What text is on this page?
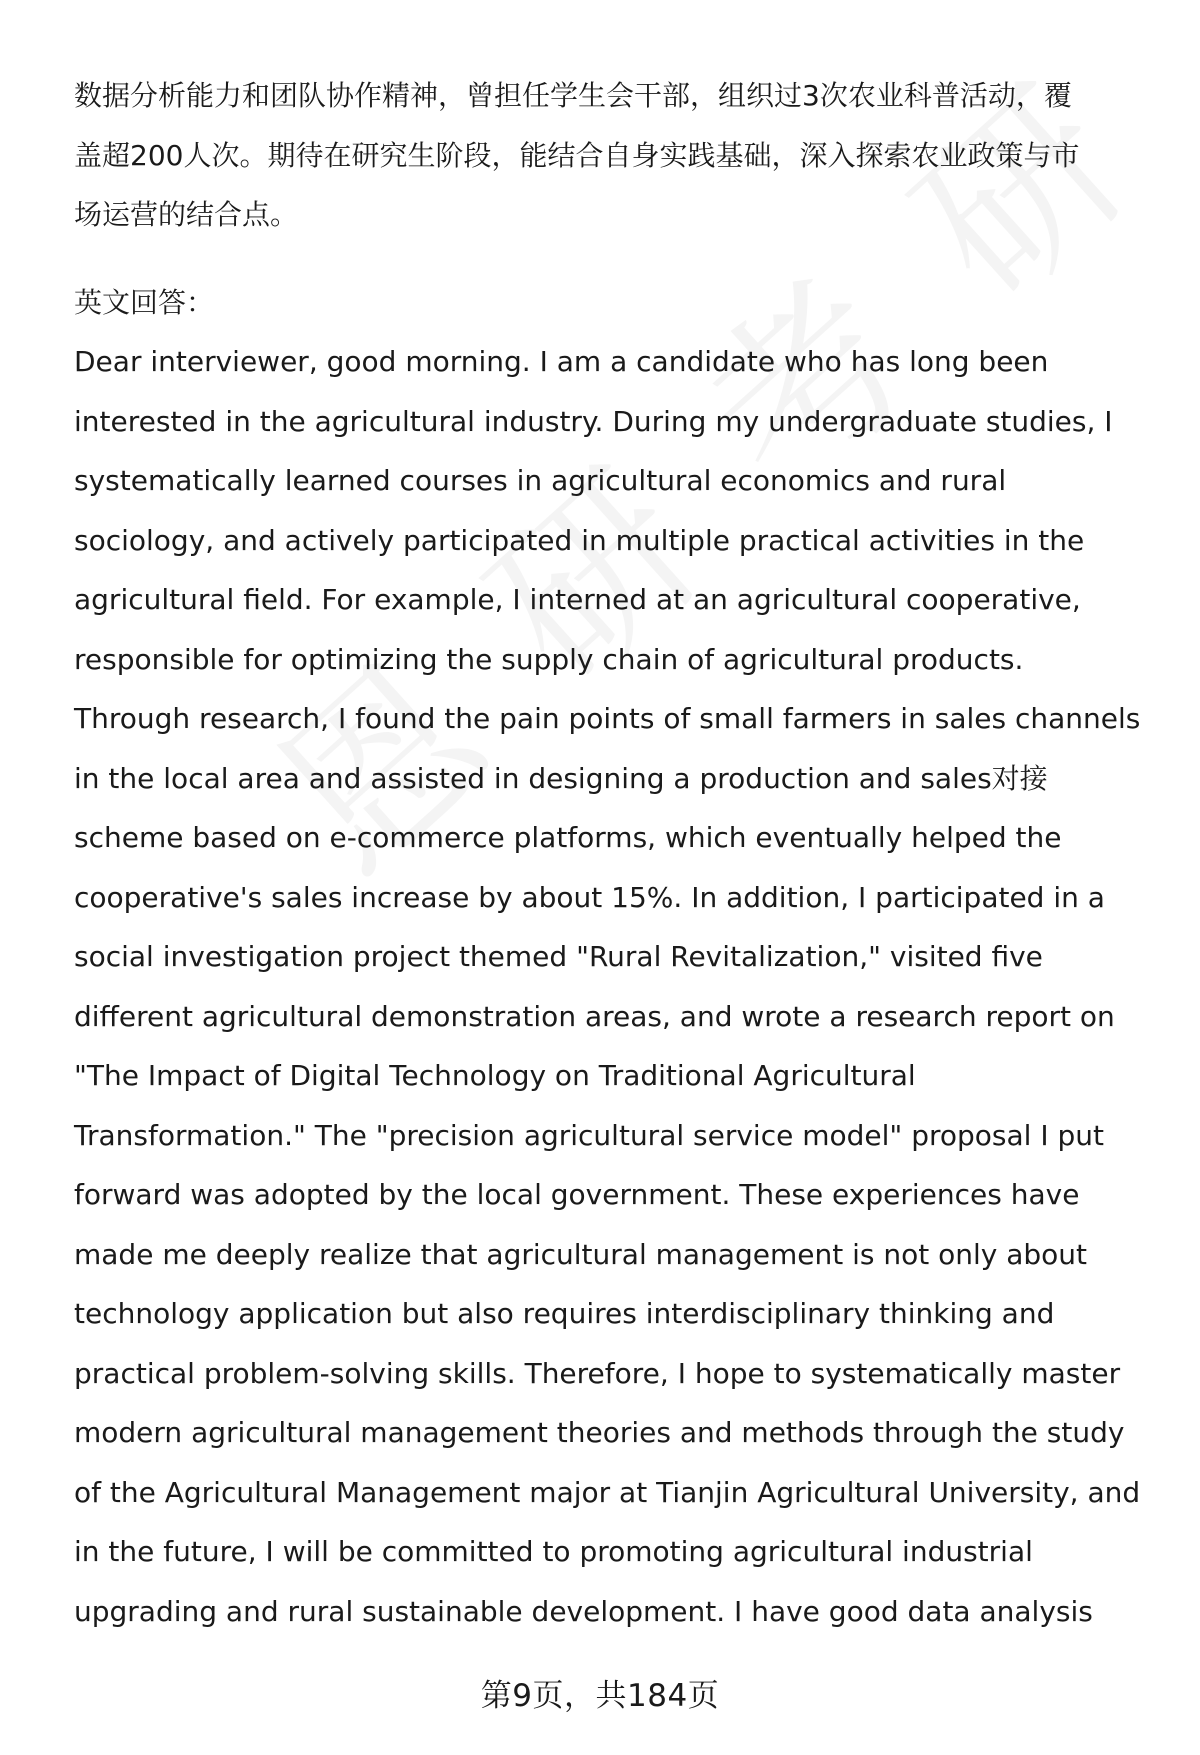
数据分析能力和团队协作精神，曾担任学生会干部，组织过3次农业科普活动，覆
盖超200人次。期待在研究生阶段，能结合自身实践基础，深入探索农业政策与市
场运营的结合点。
英文回答：
Dear interviewer, good morning. I am a candidate who has long been
interested in the agricultural industry. During my undergraduate studies, I
systematically learned courses in agricultural economics and rural
sociology, and actively participated in multiple practical activities in the
agricultural field. For example, I interned at an agricultural cooperative,
responsible for optimizing the supply chain of agricultural products.
Through research, I found the pain points of small farmers in sales channels
in the local area and assisted in designing a production and sales对接
scheme based on e-commerce platforms, which eventually helped the
cooperative's sales increase by about 15%. In addition, I participated in a
social investigation project themed "Rural Revitalization," visited five
different agricultural demonstration areas, and wrote a research report on
"The Impact of Digital Technology on Traditional Agricultural
Transformation." The "precision agricultural service model" proposal I put
forward was adopted by the local government. These experiences have
made me deeply realize that agricultural management is not only about
technology application but also requires interdisciplinary thinking and
practical problem-solving skills. Therefore, I hope to systematically master
modern agricultural management theories and methods through the study
of the Agricultural Management major at Tianjin Agricultural University, and
in the future, I will be committed to promoting agricultural industrial
upgrading and rural sustainable development. I have good data analysis
第9页，共184页
